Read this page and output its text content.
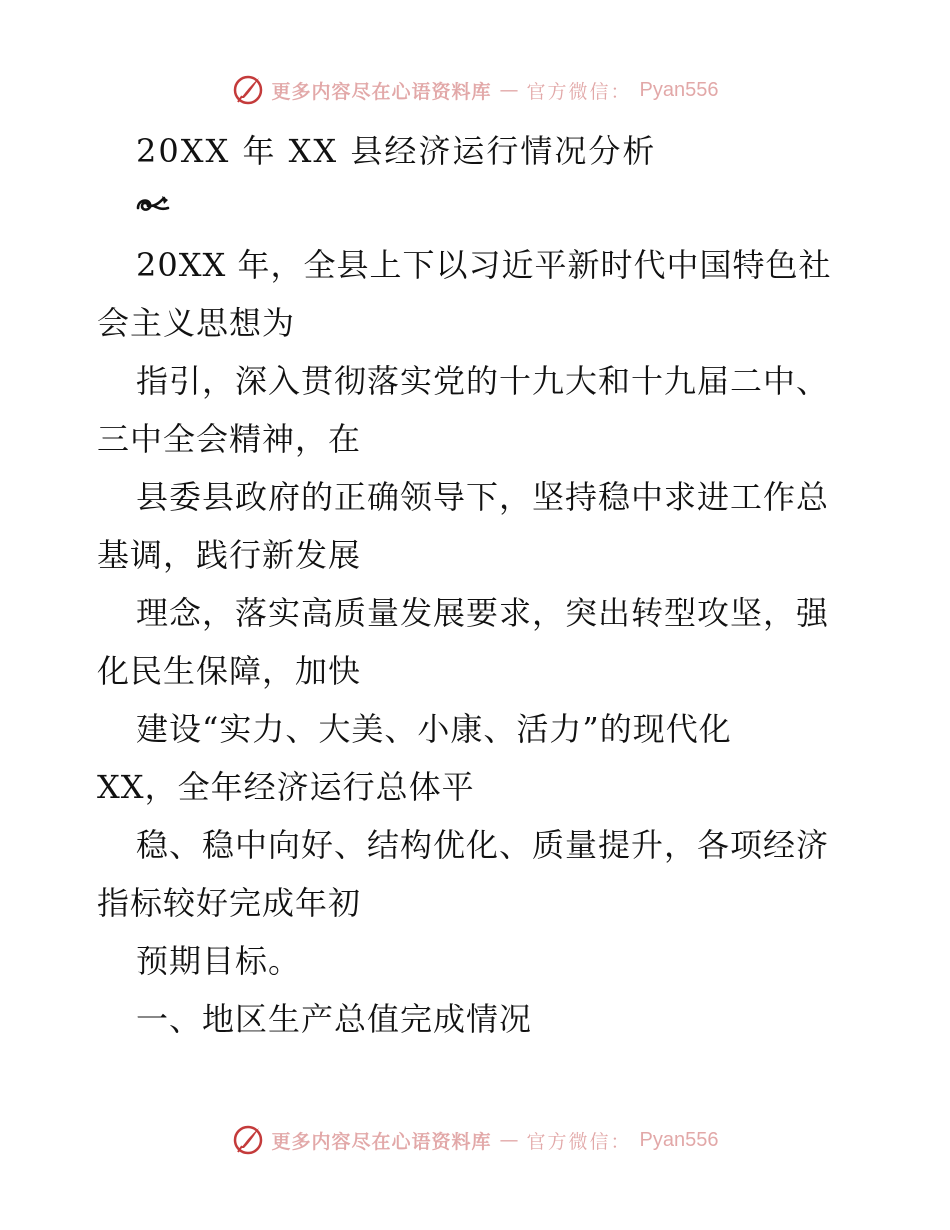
更多内容尽在心语资料库 — 官方微信： Pyan556
20XX 年 XX 县经济运行情况分析
20XX 年，全县上下以习近平新时代中国特色社
会主义思想为
指引，深入贯彻落实党的十九大和十九届二中、
三中全会精神，在
县委县政府的正确领导下，坚持稳中求进工作总
基调，践行新发展
理念，落实高质量发展要求，突出转型攻坚，强
化民生保障，加快
建设“实力、大美、小康、活力”的现代化
XX，全年经济运行总体平
稳、稳中向好、结构优化、质量提升，各项经济
指标较好完成年初
预期目标。
一、地区生产总值完成情况
更多内容尽在心语资料库 — 官方微信： Pyan556
